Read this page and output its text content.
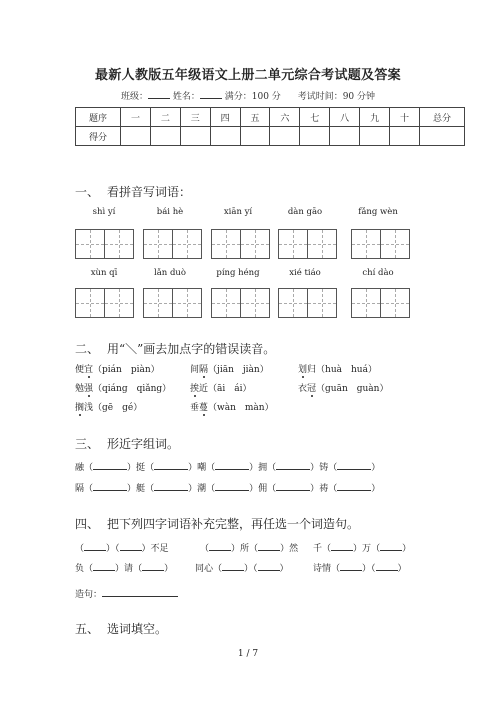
最新人教版五年级语文上册二单元综合考试题及答案
班级：	姓名：	满分：100 分 考试时间：90 分钟
题序	一	二	三	四	五	六	七	八	九	十	总分
得分											
一、 看拼音写词语：
shì yí	bái hè	xiān yí	dàn gāo	fǎng wèn
xùn qī	lǎn duò	píng héng	xié tiáo	chí dào
二、 用“＼”画去加点字的错误读音。
便宜（pián　piàn）	间隔（jiān　jiàn）	划归（huà　huá）
勉强（qiáng　qiǎng） 挨近（āi　ái）	衣冠（guān　guàn）
搁浅（gē　gé）	垂蔓（wàn　màn）
三、 形近字组词。
融（	）挺（	）嘲（	）拥（	）铸（	）
隔（	）艇（	）潮（	）佣（	）祷（	）
四、 把下列四字词语补充完整，再任选一个词造句。
（ ）（ ）不足	（ ）所（ ）然 千（ ）万（ ）
负（ ）请（ ） 同心（ ）（ ）	诗情（ ）（ ）
造句：
五、 选词填空。
1 / 7
